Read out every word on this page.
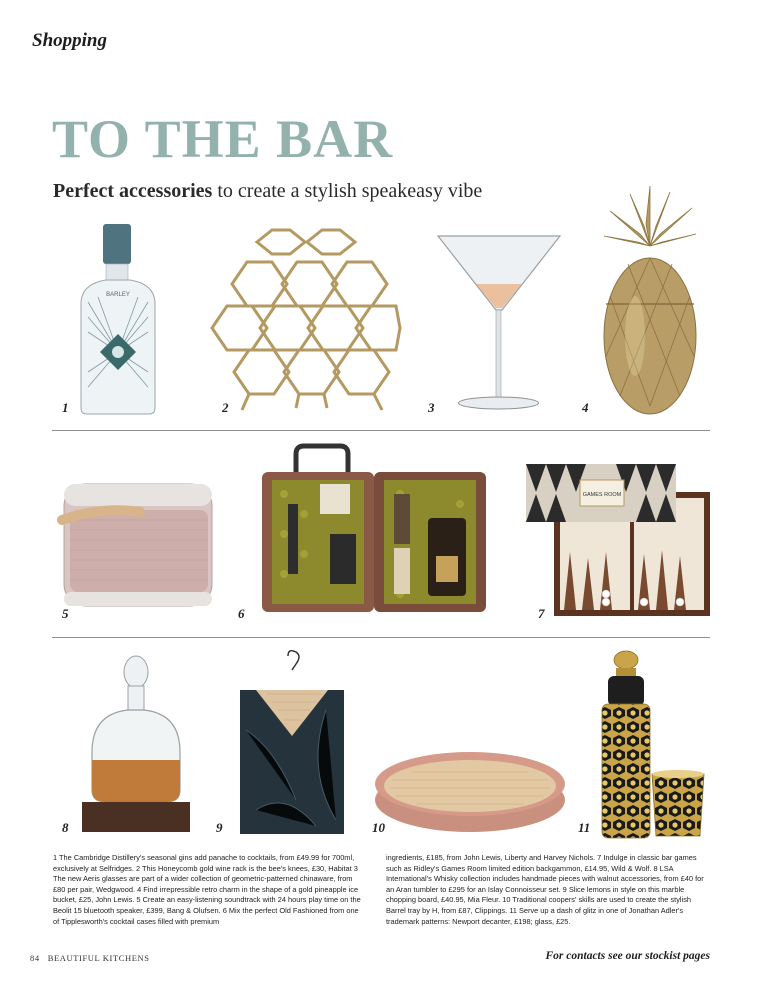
Shopping
TO THE BAR
Perfect accessories to create a stylish speakeasy vibe
BARLEY
1	2	3	4
5	6
GAMES ROOM
7
8	9	10	11
1 The Cambridge Distillery's seasonal gins add panache to cocktails, from £49.99 for 700ml, exclusively at Selfridges. 2 This Honeycomb gold wine rack is the bee's knees, £30, Habitat 3 The new Aeris glasses are part of a wider collection of geometric-patterned chinaware, from £80 per pair, Wedgwood. 4 Find irrepressible retro charm in the shape of a gold pineapple ice bucket, £25, John Lewis. 5 Create an easy-listening soundtrack with 24 hours play time on the Beolit 15 bluetooth speaker, £399, Bang & Olufsen. 6 Mix the perfect Old Fashioned from one of Tipplesworth's cocktail cases filled with premium
ingredients, £185, from John Lewis, Liberty and Harvey Nichols. 7 Indulge in classic bar games such as Ridley's Games Room limited edition backgammon, £14.95, Wild & Wolf. 8 LSA International's Whisky collection includes handmade pieces with walnut accessories, from £40 for an Aran tumbler to £295 for an Islay Connoisseur set. 9 Slice lemons in style on this marble chopping board, £40.95, Mia Fleur. 10 Traditional coopers' skills are used to create the stylish Barrel tray by H, from £87, Clippings. 11 Serve up a dash of glitz in one of Jonathan Adler's trademark patterns: Newport decanter, £198; glass, £25.
84 BEAUTIFUL KITCHENS	For contacts see our stockist pages
